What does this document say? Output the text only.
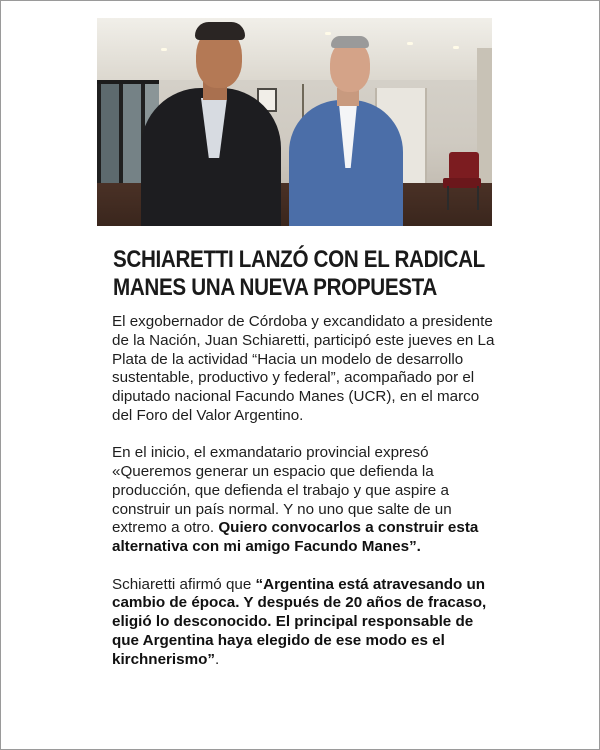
SCHIARETTI LANZÓ CON EL RADICAL
MANES UNA NUEVA PROPUESTA

El exgobernador de Córdoba y excandidato a presidente de la Nación, Juan Schiaretti, participó este jueves en La Plata de la actividad “Hacia un modelo de desarrollo sustentable, productivo y federal”, acompañado por el diputado nacional Facundo Manes (UCR), en el marco del Foro del Valor Argentino.

En el inicio, el exmandatario provincial expresó «Queremos generar un espacio que defienda la producción, que defienda el trabajo y que aspire a construir un país normal. Y no uno que salte de un extremo a otro. Quiero convocarlos a construir esta alternativa con mi amigo Facundo Manes”.

Schiaretti afirmó que “Argentina está atravesando un cambio de época. Y después de 20 años de fracaso, eligió lo desconocido. El principal responsable de que Argentina haya elegido de ese modo es el kirchnerismo”.
